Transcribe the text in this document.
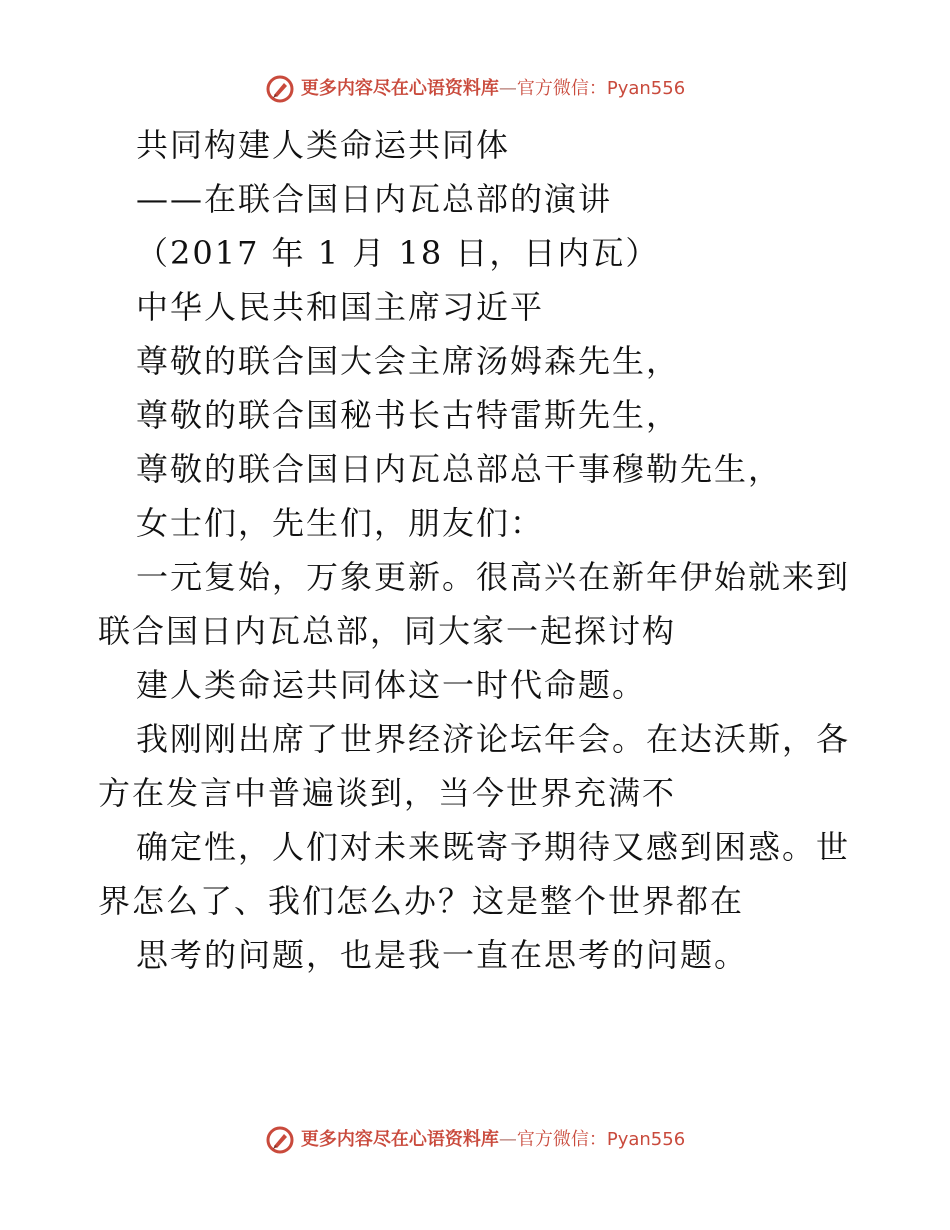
更多内容尽在心语资料库 — 官方微信：Pyan556
共同构建人类命运共同体
——在联合国日内瓦总部的演讲
（2017 年 1 月 18 日，日内瓦）
中华人民共和国主席习近平
尊敬的联合国大会主席汤姆森先生，
尊敬的联合国秘书长古特雷斯先生，
尊敬的联合国日内瓦总部总干事穆勒先生，
女士们，先生们，朋友们：
一元复始，万象更新。很高兴在新年伊始就来到
联合国日内瓦总部，同大家一起探讨构
建人类命运共同体这一时代命题。
我刚刚出席了世界经济论坛年会。在达沃斯，各
方在发言中普遍谈到，当今世界充满不
确定性，人们对未来既寄予期待又感到困惑。世
界怎么了、我们怎么办？这是整个世界都在
思考的问题，也是我一直在思考的问题。
更多内容尽在心语资料库 — 官方微信：Pyan556
